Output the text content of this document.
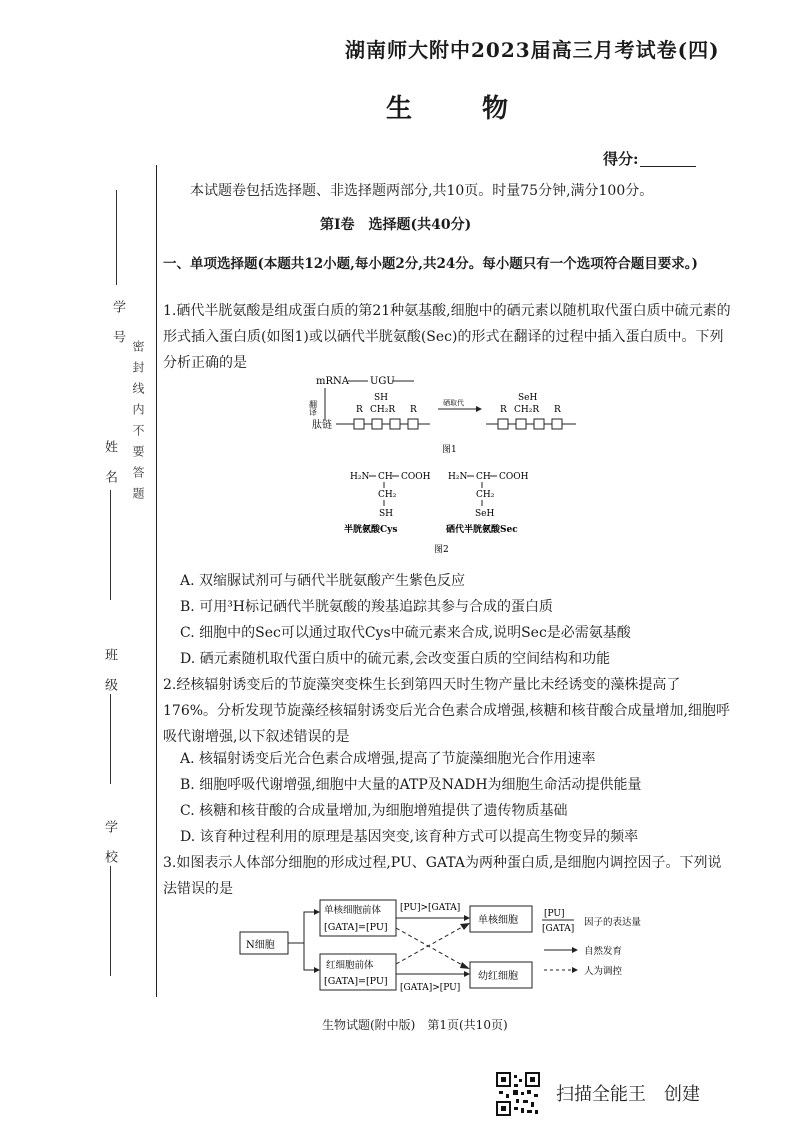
学　号
姓　名
班　级
学　校
密封线内不要答题
湖南师大附中2023届高三月考试卷(四)
生　物
得分:
本试题卷包括选择题、非选择题两部分,共10页。时量75分钟,满分100分。
第Ⅰ卷　选择题(共40分)
一、单项选择题(本题共12小题,每小题2分,共24分。每小题只有一个选项符合题目要求。)
1.硒代半胱氨酸是组成蛋白质的第21种氨基酸,细胞中的硒元素以随机取代蛋白质中硫元素的形式插入蛋白质(如图1)或以硒代半胱氨酸(Sec)的形式在翻译的过程中插入蛋白质中。下列分析正确的是
mRNA UGU
翻译
肽链
R
SH
CH₂R R
硒取代
R
SeH
CH₂R R
图1
H₂N CH COOH
CH₂
SH
半胱氨酸Cys
H₂N CH COOH
CH₂
SeH
硒代半胱氨酸Sec
图2
A. 双缩脲试剂可与硒代半胱氨酸产生紫色反应
B. 可用³H标记硒代半胱氨酸的羧基追踪其参与合成的蛋白质
C. 细胞中的Sec可以通过取代Cys中硫元素来合成,说明Sec是必需氨基酸
D. 硒元素随机取代蛋白质中的硫元素,会改变蛋白质的空间结构和功能
2.经核辐射诱变后的节旋藻突变株生长到第四天时生物产量比未经诱变的藻株提高了176%。分析发现节旋藻经核辐射诱变后光合色素合成增强,核糖和核苷酸合成量增加,细胞呼吸代谢增强,以下叙述错误的是
A. 核辐射诱变后光合色素合成增强,提高了节旋藻细胞光合作用速率
B. 细胞呼吸代谢增强,细胞中大量的ATP及NADH为细胞生命活动提供能量
C. 核糖和核苷酸的合成量增加,为细胞增殖提供了遗传物质基础
D. 该育种过程利用的原理是基因突变,该育种方式可以提高生物变异的频率
3.如图表示人体部分细胞的形成过程,PU、GATA为两种蛋白质,是细胞内调控因子。下列说法错误的是
N细胞
单核细胞前体
[GATA]=[PU]
红细胞前体
[GATA]=[PU]
[PU]>[GATA]
[GATA]>[PU]
单核细胞
幼红细胞
[PU]
[GATA]
因子的表达量
自然发育
人为调控
生物试题(附中版)　第1页(共10页)
扫描全能王　创建
